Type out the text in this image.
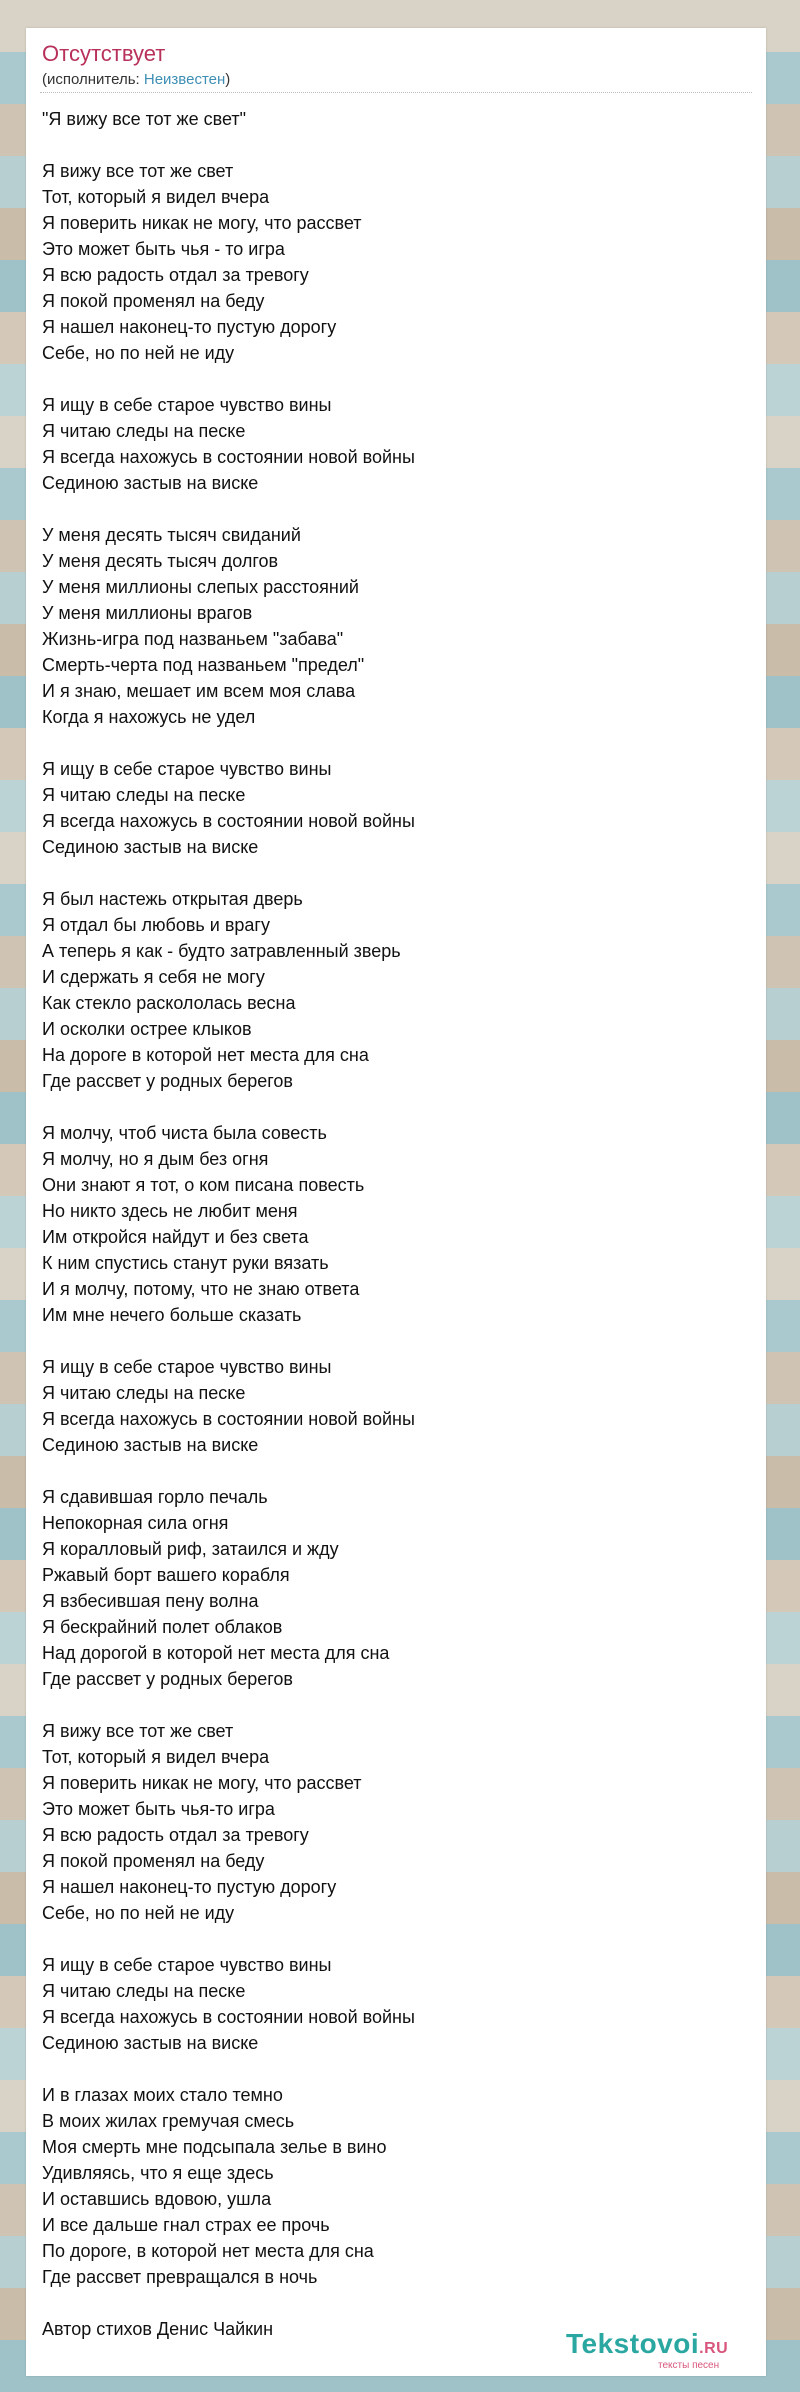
Отсутствует
(исполнитель: Неизвестен)
"Я вижу все тот же свет"
Я вижу все тот же свет
Тот, который я видел вчера
Я поверить никак не могу, что рассвет
Это может быть чья - то игра
Я всю радость отдал за тревогу
Я покой променял на беду
Я нашел наконец-то пустую дорогу
Себе, но по ней не иду
Я ищу в себе старое чувство вины
Я читаю следы на песке
Я всегда нахожусь в состоянии новой войны
Сединою застыв на виске
У меня десять тысяч свиданий
У меня десять тысяч долгов
У меня миллионы слепых расстояний
У меня миллионы врагов
Жизнь-игра под названьем "забава"
Смерть-черта под названьем "предел"
И я знаю, мешает им всем моя слава
Когда я нахожусь не удел
Я ищу в себе старое чувство вины
Я читаю следы на песке
Я всегда нахожусь в состоянии новой войны
Сединою застыв на виске
Я был настежь открытая дверь
Я отдал бы любовь и врагу
А теперь я как - будто затравленный зверь
И сдержать я себя не могу
Как стекло раскололась весна
И осколки острее клыков
На дороге в которой нет места для сна
Где рассвет у родных берегов
Я молчу, чтоб чиста была совесть
Я молчу, но я дым без огня
Они знают я тот, о ком писана повесть
Но никто здесь не любит меня
Им откройся найдут и без света
К ним спустись станут руки вязать
И я молчу, потому, что не знаю ответа
Им мне нечего больше сказать
Я ищу в себе старое чувство вины
Я читаю следы на песке
Я всегда нахожусь в состоянии новой войны
Сединою застыв на виске
Я сдавившая горло печаль
Непокорная сила огня
Я коралловый риф, затаился и жду
Ржавый борт вашего корабля
Я взбесившая пену волна
Я бескрайний полет облаков
Над дорогой в которой нет места для сна
Где рассвет у родных берегов
Я вижу все тот же свет
Тот, который я видел вчера
Я поверить никак не могу, что рассвет
Это может быть чья-то игра
Я всю радость отдал за тревогу
Я покой променял на беду
Я нашел наконец-то пустую дорогу
Себе, но по ней не иду
Я ищу в себе старое чувство вины
Я читаю следы на песке
Я всегда нахожусь в состоянии новой войны
Сединою застыв на виске
И в глазах моих стало темно
В моих жилах гремучая смесь
Моя смерть мне подсыпала зелье в вино
Удивляясь, что я еще здесь
И оставшись вдовою, ушла
И все дальше гнал страх ее прочь
По дороге, в которой нет места для сна
Где рассвет превращался в ночь
Автор стихов Денис Чайкин	Tekstovoi.RU
тексты песен
